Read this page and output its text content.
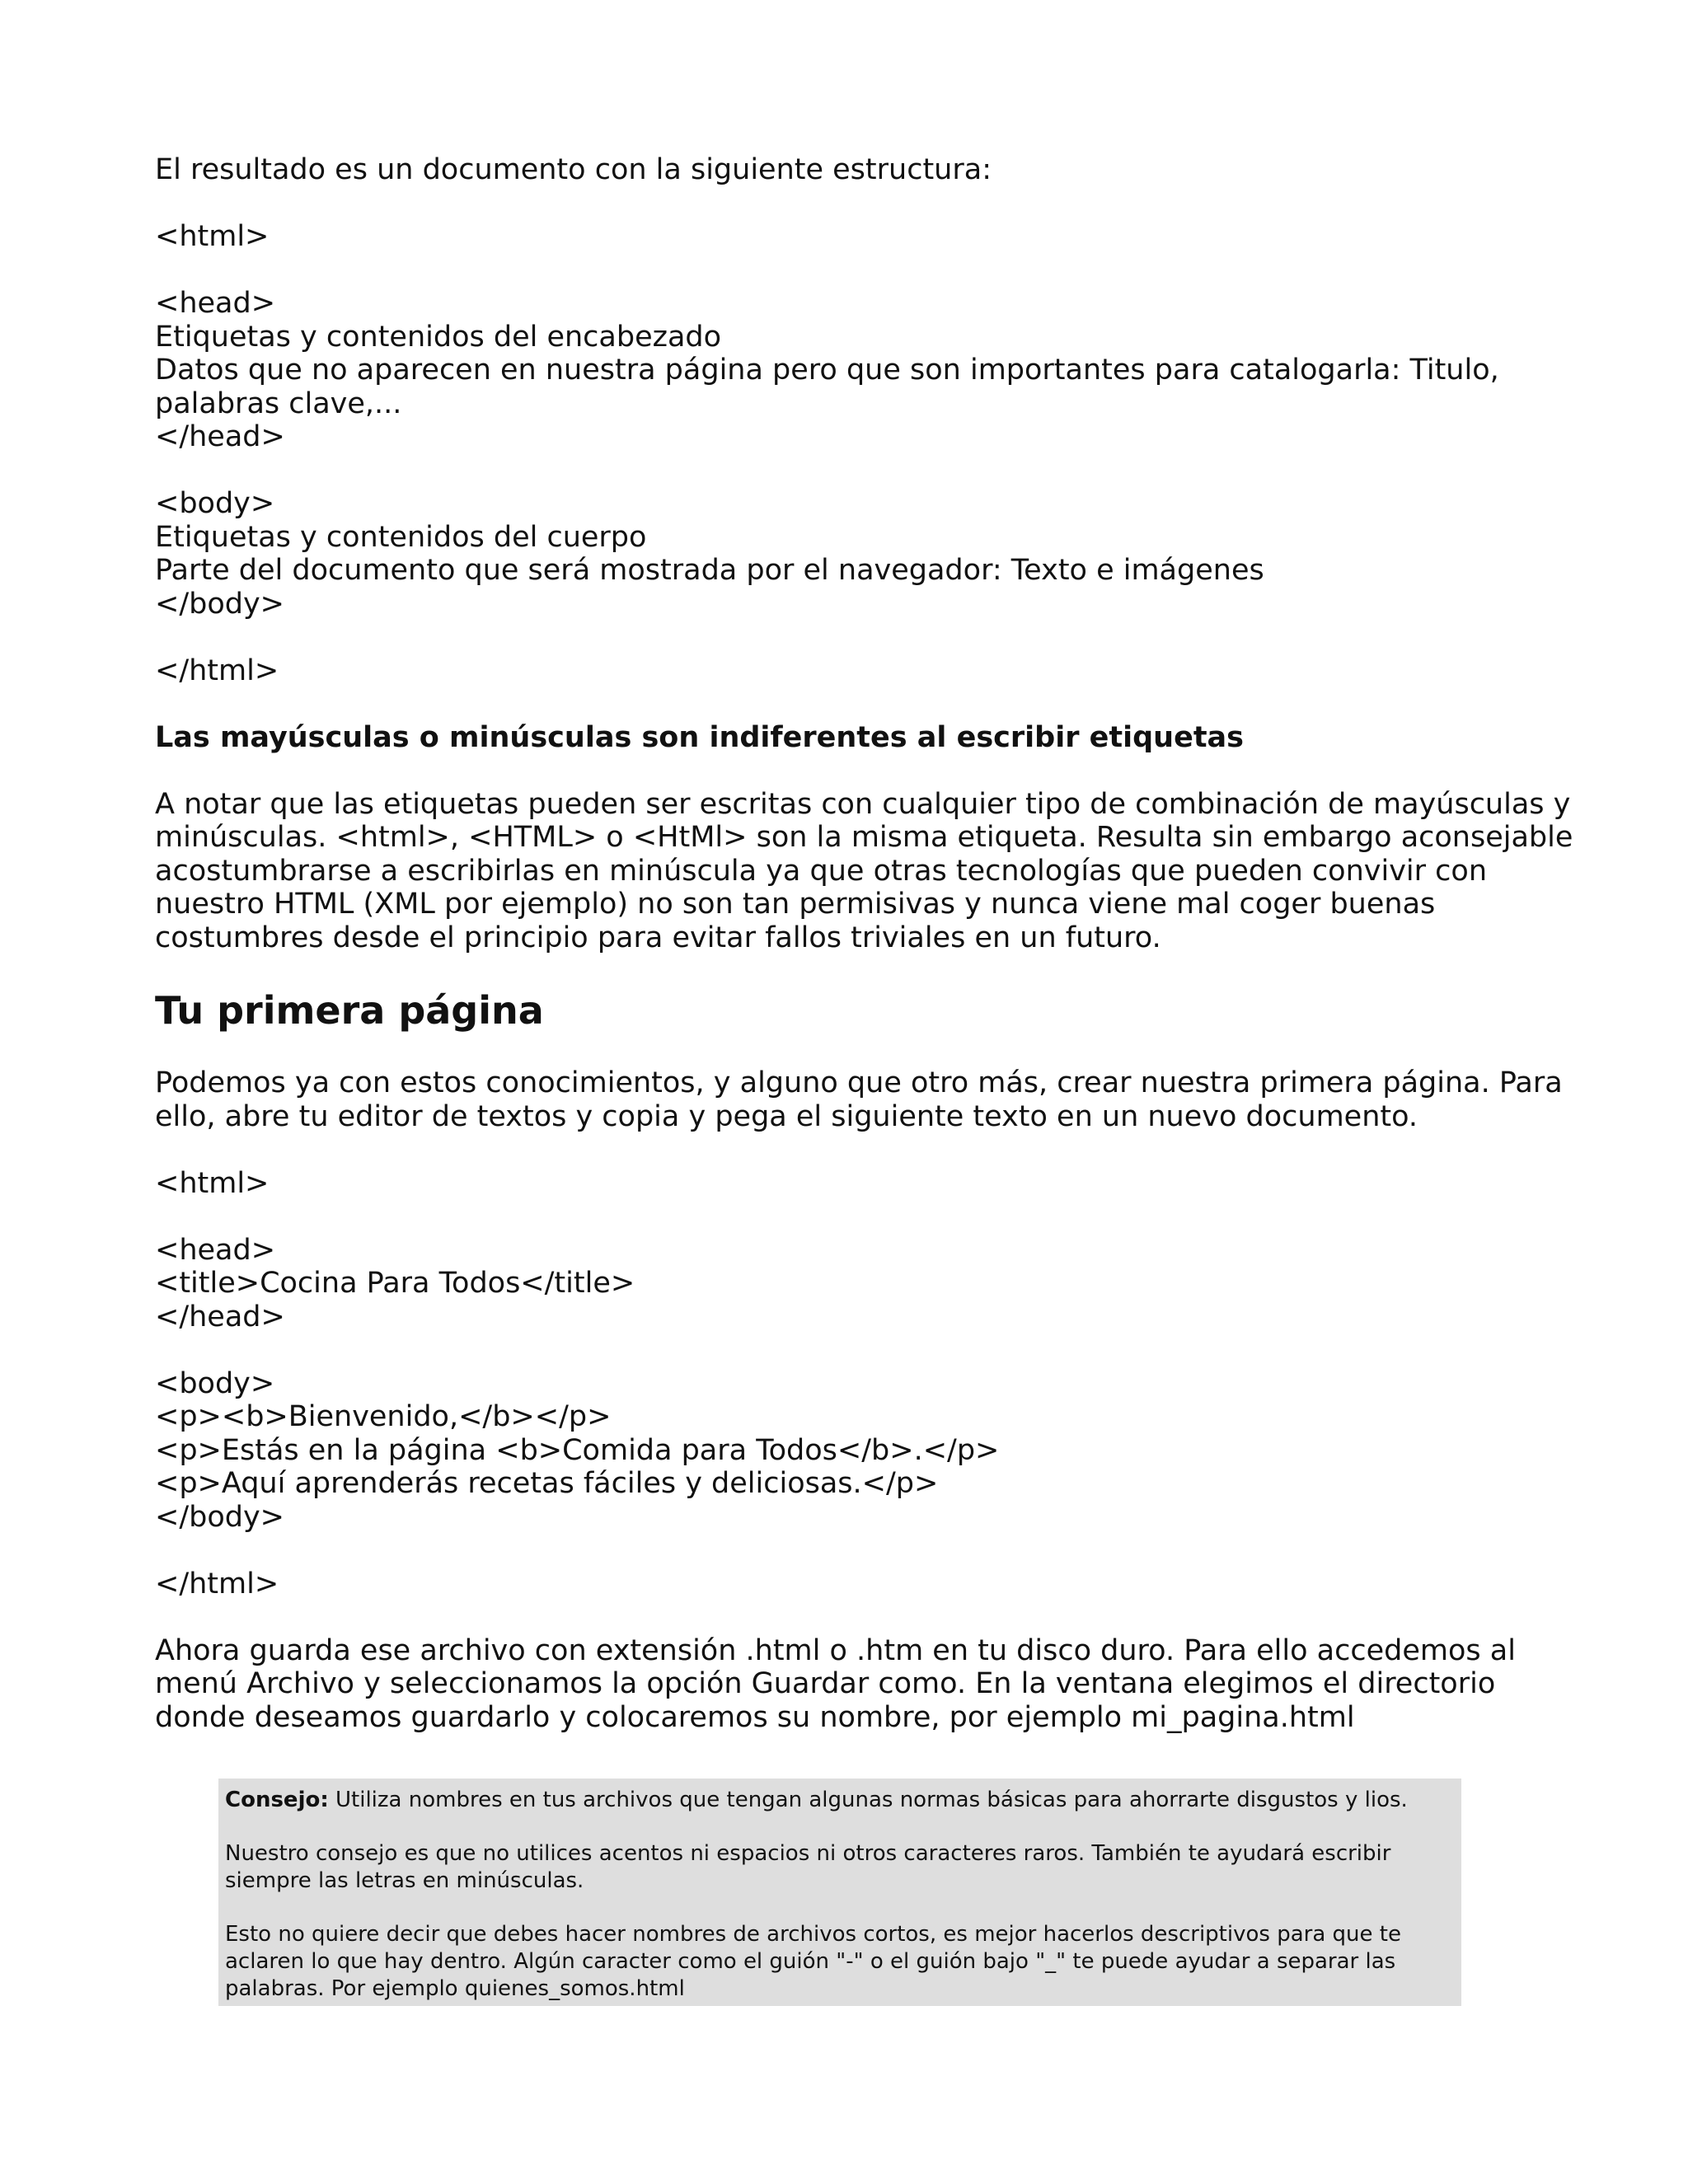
El resultado es un documento con la siguiente estructura:

<html>

<head>

Etiquetas y contenidos del encabezado

Datos que no aparecen en nuestra página pero que son importantes para catalogarla: Titulo,

palabras clave,...

</head>

<body>

Etiquetas y contenidos del cuerpo

Parte del documento que será mostrada por el navegador: Texto e imágenes

</body>

</html>

Las mayúsculas o minúsculas son indiferentes al escribir etiquetas

A notar que las etiquetas pueden ser escritas con cualquier tipo de combinación de mayúsculas y

minúsculas. <html>, <HTML> o <HtMl> son la misma etiqueta. Resulta sin embargo aconsejable

acostumbrarse a escribirlas en minúscula ya que otras tecnologías que pueden convivir con

nuestro HTML (XML por ejemplo) no son tan permisivas y nunca viene mal coger buenas

costumbres desde el principio para evitar fallos triviales en un futuro.

Tu primera página

Podemos ya con estos conocimientos, y alguno que otro más, crear nuestra primera página. Para

ello, abre tu editor de textos y copia y pega el siguiente texto en un nuevo documento.

<html>

<head>

<title>Cocina Para Todos</title>

</head>

<body>

<p><b>Bienvenido,</b></p>

<p>Estás en la página <b>Comida para Todos</b>.</p>

<p>Aquí aprenderás recetas fáciles y deliciosas.</p>

</body>

</html>

Ahora guarda ese archivo con extensión .html o .htm en tu disco duro. Para ello accedemos al

menú Archivo y seleccionamos la opción Guardar como. En la ventana elegimos el directorio

donde deseamos guardarlo y colocaremos su nombre, por ejemplo mi_pagina.html

Consejo: Utiliza nombres en tus archivos que tengan algunas normas básicas para ahorrarte disgustos y lios.

Nuestro consejo es que no utilices acentos ni espacios ni otros caracteres raros. También te ayudará escribir

siempre las letras en minúsculas.

Esto no quiere decir que debes hacer nombres de archivos cortos, es mejor hacerlos descriptivos para que te

aclaren lo que hay dentro. Algún caracter como el guión "-" o el guión bajo "_" te puede ayudar a separar las

palabras. Por ejemplo quienes_somos.html
